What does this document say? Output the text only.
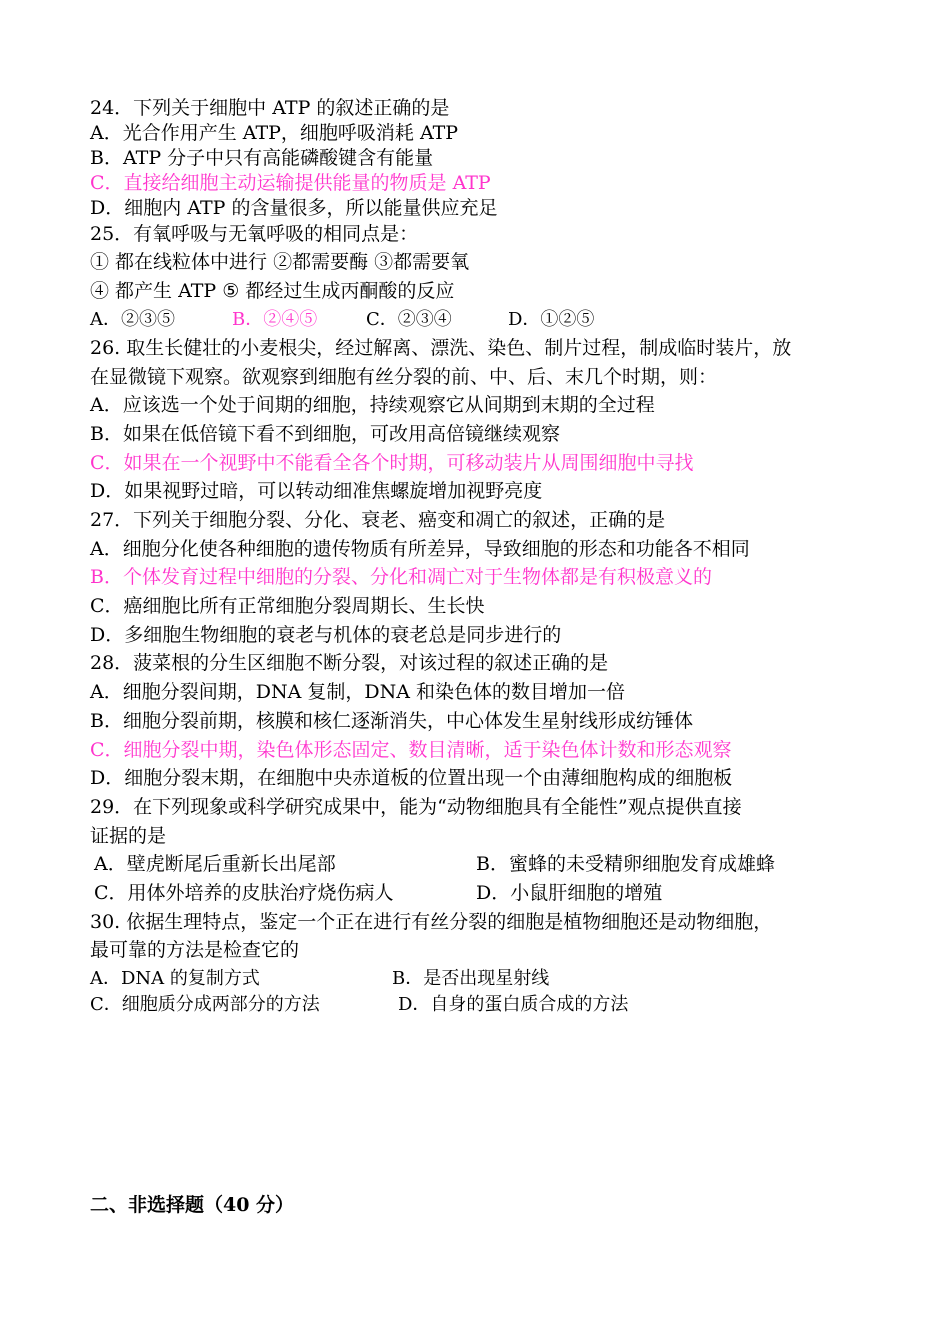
24．下列关于细胞中 ATP 的叙述正确的是
A．光合作用产生 ATP，细胞呼吸消耗 ATP
B．ATP 分子中只有高能磷酸键含有能量
C．直接给细胞主动运输提供能量的物质是 ATP
D．细胞内 ATP 的含量很多，所以能量供应充足
25．有氧呼吸与无氧呼吸的相同点是：
① 都在线粒体中进行 ②都需要酶 ③都需要氧
④ 都产生 ATP ⑤ 都经过生成丙酮酸的反应
A．②③⑤	B．②④⑤	C．②③④	D．①②⑤
26. 取生长健壮的小麦根尖，经过解离、漂洗、染色、制片过程，制成临时装片，放
在显微镜下观察。欲观察到细胞有丝分裂的前、中、后、末几个时期，则：
A．应该选一个处于间期的细胞，持续观察它从间期到末期的全过程
B．如果在低倍镜下看不到细胞，可改用高倍镜继续观察
C．如果在一个视野中不能看全各个时期，可移动装片从周围细胞中寻找
D．如果视野过暗，可以转动细准焦螺旋增加视野亮度
27．下列关于细胞分裂、分化、衰老、癌变和凋亡的叙述，正确的是
A．细胞分化使各种细胞的遗传物质有所差异，导致细胞的形态和功能各不相同
B．个体发育过程中细胞的分裂、分化和凋亡对于生物体都是有积极意义的
C．癌细胞比所有正常细胞分裂周期长、生长快
D．多细胞生物细胞的衰老与机体的衰老总是同步进行的
28．菠菜根的分生区细胞不断分裂，对该过程的叙述正确的是
A．细胞分裂间期，DNA 复制，DNA 和染色体的数目增加一倍
B．细胞分裂前期，核膜和核仁逐渐消失，中心体发生星射线形成纺锤体
C．细胞分裂中期，染色体形态固定、数目清晰，适于染色体计数和形态观察
D．细胞分裂末期，在细胞中央赤道板的位置出现一个由薄细胞构成的细胞板
29．在下列现象或科学研究成果中，能为“动物细胞具有全能性”观点提供直接
证据的是
A．壁虎断尾后重新长出尾部	B．蜜蜂的未受精卵细胞发育成雄蜂
C．用体外培养的皮肤治疗烧伤病人	D．小鼠肝细胞的增殖
30. 依据生理特点，鉴定一个正在进行有丝分裂的细胞是植物细胞还是动物细胞，
最可靠的方法是检查它的
A．DNA 的复制方式	B．是否出现星射线
C．细胞质分成两部分的方法	D．自身的蛋白质合成的方法
二、非选择题（40 分）
